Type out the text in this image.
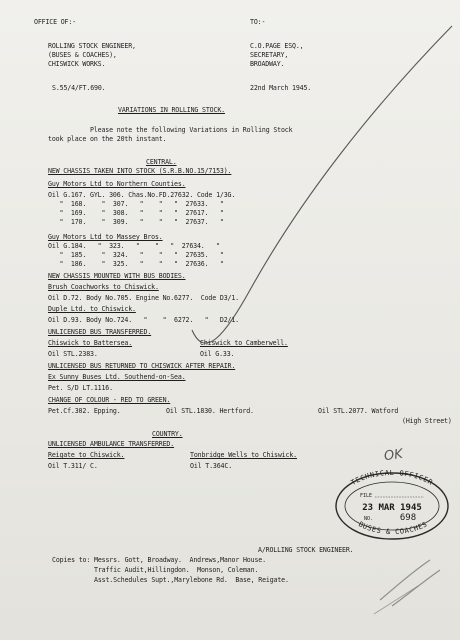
OFFICE OF:-	TO:-
ROLLING STOCK ENGINEER,
(BUSES & COACHES),
CHISWICK WORKS.
C.O.PAGE ESQ.,
SECRETARY,
BROADWAY.
S.55/4/FT.690.	22nd March 1945.
VARIATIONS IN ROLLING STOCK.
Please note the following Variations in Rolling Stock
took place on the 20th instant.
CENTRAL.
NEW CHASSIS TAKEN INTO STOCK (S.R.B.NO.15/7153).
Guy Motors Ltd to Northern Counties.
Oil G.167. GYL. 306. Chas.No.FD.27632. Code 1/3G.
"  168.    "  307.   "    "   "  27633.   "
"  169.    "  308.   "    "   "  27617.   "
"  170.    "  309.   "    "   "  27637.   "
Guy Motors Ltd to Massey Bros.
Oil G.184.   "  323.   "    "   "  27634.   "
"  185.    "  324.   "    "   "  27635.   "
"  186.    "  325.   "    "   "  27636.   "
NEW CHASSIS MOUNTED WITH BUS BODIES.
Brush Coachworks to Chiswick.
Oil D.72. Body No.705. Engine No.6277.  Code D3/1.
Duple Ltd. to Chiswick.
Oil D.93. Body No.724.   "    "  6272.   "   D2/1.
UNLICENSED BUS TRANSFERRED.
Chiswick to Battersea.	Chiswick to Camberwell.
Oil STL.2383.	Oil G.33.
UNLICENSED BUS RETURNED TO CHISWICK AFTER REPAIR.
Ex Sunny Buses Ltd. Southend-on-Sea.
Pet. S/D LT.1116.
CHANGE OF COLOUR - RED TO GREEN.
Pet.Cf.302. Epping.	Oil STL.1830. Hertford.	Oil STL.2077. Watford
(High Street)
COUNTRY.
UNLICENSED AMBULANCE TRANSFERRED.
Reigate to Chiswick.	Tonbridge Wells to Chiswick.
Oil T.311/ C.	Oil T.364C.
A/ROLLING STOCK ENGINEER.
Copies to: Messrs. Gott, Broadway.  Andrews,Manor House.
Traffic Audit,Hillingdon.  Monson, Coleman.
Asst.Schedules Supt.,Marylebone Rd.  Base, Reigate.
OK
TECHNICAL OFFICER
BUSES & COACHES
FILE
23 MAR 1945
NO.	698
